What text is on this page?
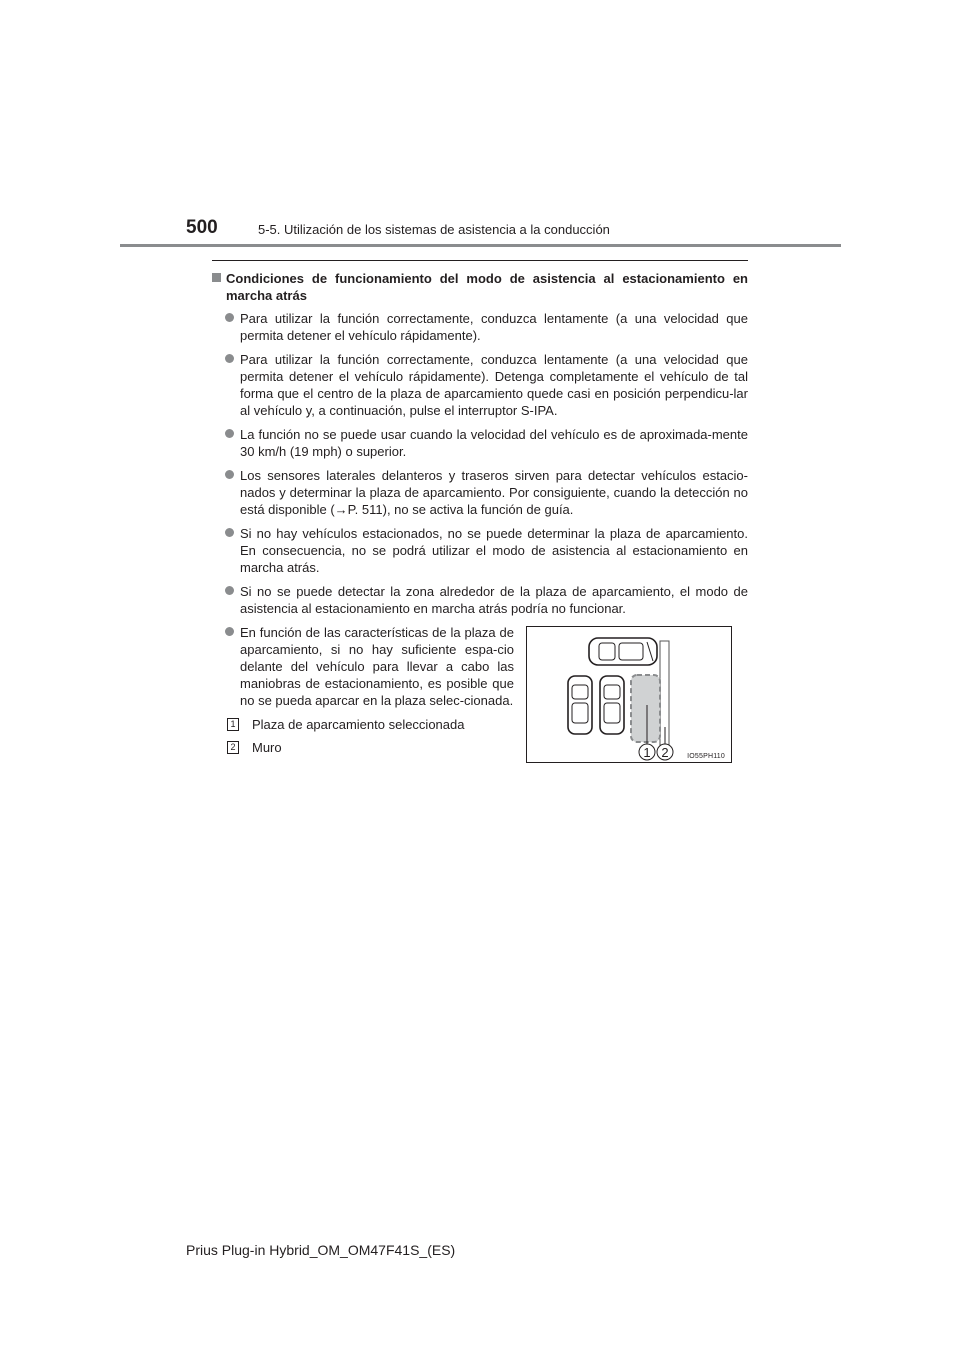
500	5-5. Utilización de los sistemas de asistencia a la conducción
Condiciones de funcionamiento del modo de asistencia al estacionamiento en marcha atrás
Para utilizar la función correctamente, conduzca lentamente (a una velocidad que permita detener el vehículo rápidamente).
Para utilizar la función correctamente, conduzca lentamente (a una velocidad que permita detener el vehículo rápidamente). Detenga completamente el vehículo de tal forma que el centro de la plaza de aparcamiento quede casi en posición perpendicu-lar al vehículo y, a continuación, pulse el interruptor S-IPA.
La función no se puede usar cuando la velocidad del vehículo es de aproximada-mente 30 km/h (19 mph) o superior.
Los sensores laterales delanteros y traseros sirven para detectar vehículos estacio-nados y determinar la plaza de aparcamiento. Por consiguiente, cuando la detección no está disponible (→P. 511), no se activa la función de guía.
Si no hay vehículos estacionados, no se puede determinar la plaza de aparcamiento. En consecuencia, no se podrá utilizar el modo de asistencia al estacionamiento en marcha atrás.
Si no se puede detectar la zona alrededor de la plaza de aparcamiento, el modo de asistencia al estacionamiento en marcha atrás podría no funcionar.
En función de las características de la plaza de aparcamiento, si no hay suficiente espa-cio delante del vehículo para llevar a cabo las maniobras de estacionamiento, es posible que no se pueda aparcar en la plaza selec-cionada.
1 Plaza de aparcamiento seleccionada
2 Muro	1 2	IO55PH110
Prius Plug-in Hybrid_OM_OM47F41S_(ES)
